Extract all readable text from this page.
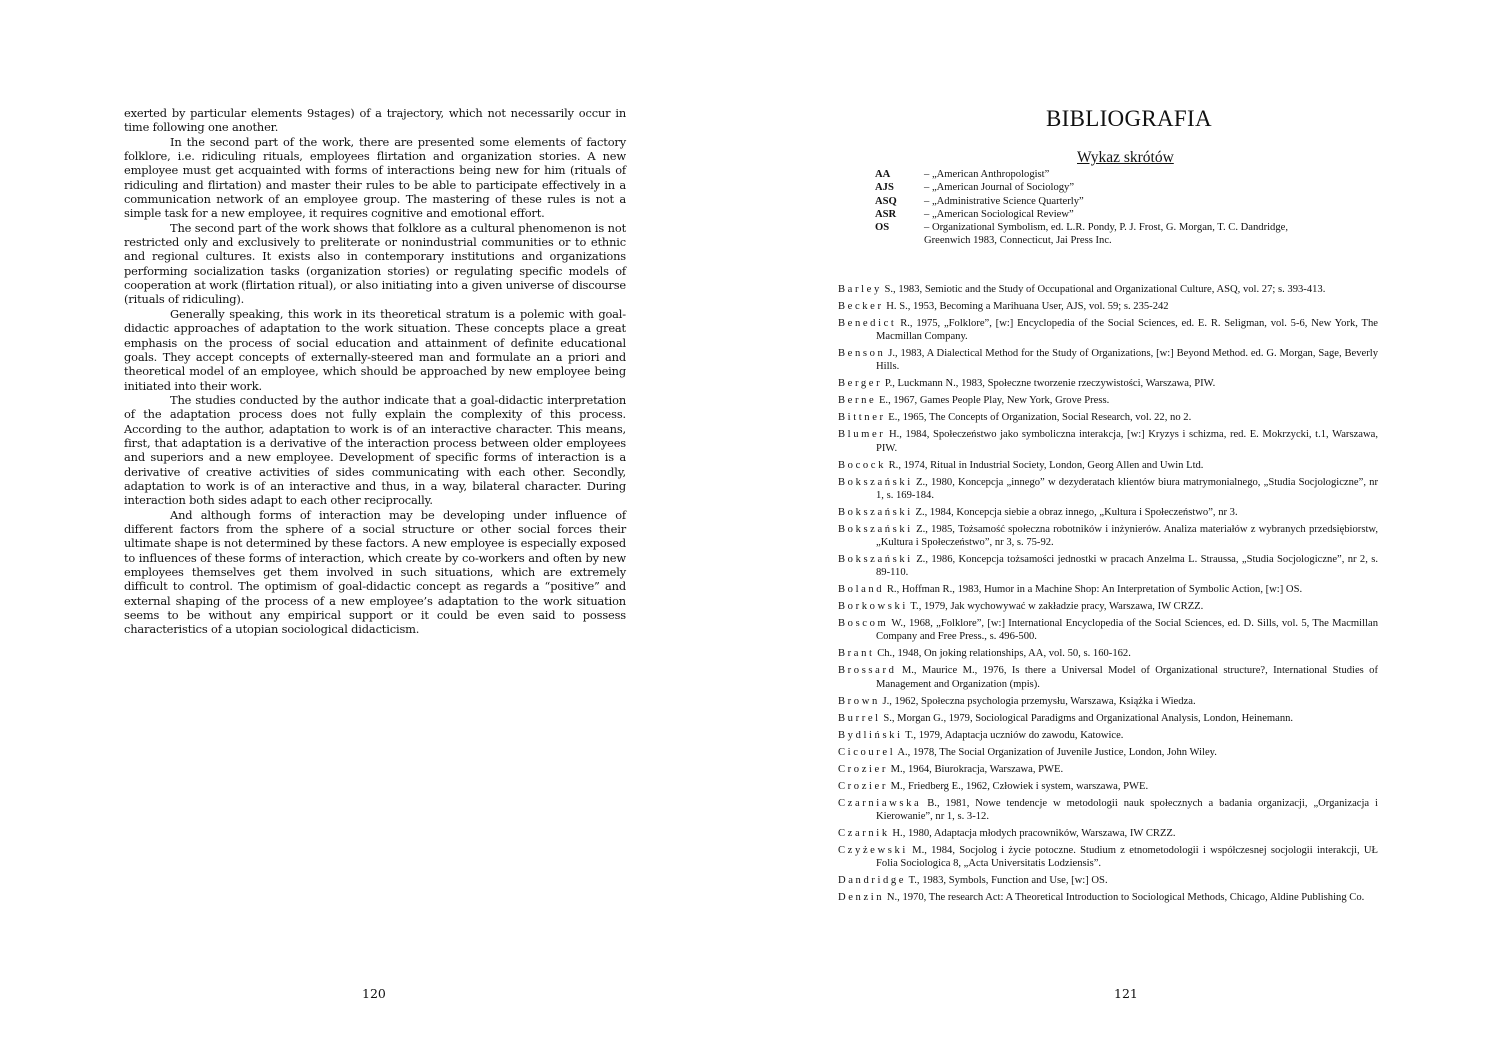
exerted by particular elements 9stages) of a trajectory, which not necessarily occur in time following one another.

In the second part of the work, there are presented some elements of factory folklore, i.e. ridiculing rituals, employees flirtation and organization stories. A new employee must get acquainted with forms of interactions being new for him (rituals of ridiculing and flirtation) and master their rules to be able to participate effectively in a communication network of an employee group. The mastering of these rules is not a simple task for a new employee, it requires cognitive and emotional effort.

The second part of the work shows that folklore as a cultural phenomenon is not restricted only and exclusively to preliterate or nonindustrial communities or to ethnic and regional cultures. It exists also in contemporary institutions and organizations performing socialization tasks (organization stories) or regulating specific models of cooperation at work (flirtation ritual), or also initiating into a given universe of discourse (rituals of ridiculing).

Generally speaking, this work in its theoretical stratum is a polemic with goal-didactic approaches of adaptation to the work situation. These concepts place a great emphasis on the process of social education and attainment of definite educational goals. They accept concepts of externally-steered man and formulate an a priori and theoretical model of an employee, which should be approached by new employee being initiated into their work.

The studies conducted by the author indicate that a goal-didactic interpretation of the adaptation process does not fully explain the complexity of this process. According to the author, adaptation to work is of an interactive character. This means, first, that adaptation is a derivative of the interaction process between older employees and superiors and a new employee. Development of specific forms of interaction is a derivative of creative activities of sides communicating with each other. Secondly, adaptation to work is of an interactive and thus, in a way, bilateral character. During interaction both sides adapt to each other reciprocally.

And although forms of interaction may be developing under influence of different factors from the sphere of a social structure or other social forces their ultimate shape is not determined by these factors. A new employee is especially exposed to influences of these forms of interaction, which create by co-workers and often by new employees themselves get them involved in such situations, which are extremely difficult to control. The optimism of goal-didactic concept as regards a “positive” and external shaping of the process of a new employee’s adaptation to the work situation seems to be without any empirical support or it could be even said to possess characteristics of a utopian sociological didacticism.

120
BIBLIOGRAFIA
Wykaz skrótów
AA	– „American Anthropologist”
AJS	– „American Journal of Sociology”
ASQ	– „Administrative Science Quarterly”
ASR	– „American Sociological Review”
OS	– Organizational Symbolism, ed. L.R. Pondy, P. J. Frost, G. Morgan, T. C. Dandridge, Greenwich 1983, Connecticut, Jai Press Inc.
Barley S., 1983, Semiotic and the Study of Occupational and Organizational Culture, ASQ, vol. 27; s. 393-413.
Becker H. S., 1953, Becoming a Marihuana User, AJS, vol. 59; s. 235-242
Benedict R., 1975, „Folklore”, [w:] Encyclopedia of the Social Sciences, ed. E. R. Seligman, vol. 5-6, New York, The Macmillan Company.
Benson J., 1983, A Dialectical Method for the Study of Organizations, [w:] Beyond Method. ed. G. Morgan, Sage, Beverly Hills.
Berger P., Luckmann N., 1983, Społeczne tworzenie rzeczywistości, Warszawa, PIW.
Berne E., 1967, Games People Play, New York, Grove Press.
Bittner E., 1965, The Concepts of Organization, Social Research, vol. 22, no 2.
Blumer H., 1984, Społeczeństwo jako symboliczna interakcja, [w:] Kryzys i schizma, red. E. Mokrzycki, t.1, Warszawa, PIW.
Bocock R., 1974, Ritual in Industrial Society, London, Georg Allen and Uwin Ltd.
Bokszański Z., 1980, Koncepcja „innego” w dezyderatach klientów biura matrymonialnego, „Studia Socjologiczne”, nr 1, s. 169-184.
Bokszański Z., 1984, Koncepcja siebie a obraz innego, „Kultura i Społeczeństwo”, nr 3.
Bokszański Z., 1985, Tożsamość społeczna robotników i inżynierów. Analiza materiałów z wybranych przedsiębiorstw, „Kultura i Społeczeństwo”, nr 3, s. 75-92.
Bokszański Z., 1986, Koncepcja tożsamości jednostki w pracach Anzelma L. Straussa, „Studia Socjologiczne”, nr 2, s. 89-110.
Boland R., Hoffman R., 1983, Humor in a Machine Shop: An Interpretation of Symbolic Action, [w:] OS.
Borkowski T., 1979, Jak wychowywać w zakładzie pracy, Warszawa, IW CRZZ.
Boscom W., 1968, „Folklore”, [w:] International Encyclopedia of the Social Sciences, ed. D. Sills, vol. 5, The Macmillan Company and Free Press., s. 496-500.
Brant Ch., 1948, On joking relationships, AA, vol. 50, s. 160-162.
Brossard M., Maurice M., 1976, Is there a Universal Model of Organizational structure?, International Studies of Management and Organization (mpis).
Brown J., 1962, Społeczna psychologia przemysłu, Warszawa, Książka i Wiedza.
Burrel S., Morgan G., 1979, Sociological Paradigms and Organizational Analysis, London, Heinemann.
Bydliński T., 1979, Adaptacja uczniów do zawodu, Katowice.
Cicourel A., 1978, The Social Organization of Juvenile Justice, London, John Wiley.
Crozier M., 1964, Biurokracja, Warszawa, PWE.
Crozier M., Friedberg E., 1962, Człowiek i system, warszawa, PWE.
Czarniawska B., 1981, Nowe tendencje w metodologii nauk społecznych a badania organizacji, „Organizacja i Kierowanie”, nr 1, s. 3-12.
Czarnik H., 1980, Adaptacja młodych pracowników, Warszawa, IW CRZZ.
Czyżewski M., 1984, Socjolog i życie potoczne. Studium z etnometodologii i współczesnej socjologii interakcji, UŁ Folia Sociologica 8, „Acta Universitatis Lodziensis”.
Dandridge T., 1983, Symbols, Function and Use, [w:] OS.
Denzin N., 1970, The research Act: A Theoretical Introduction to Sociological Methods, Chicago, Aldine Publishing Co.
121
